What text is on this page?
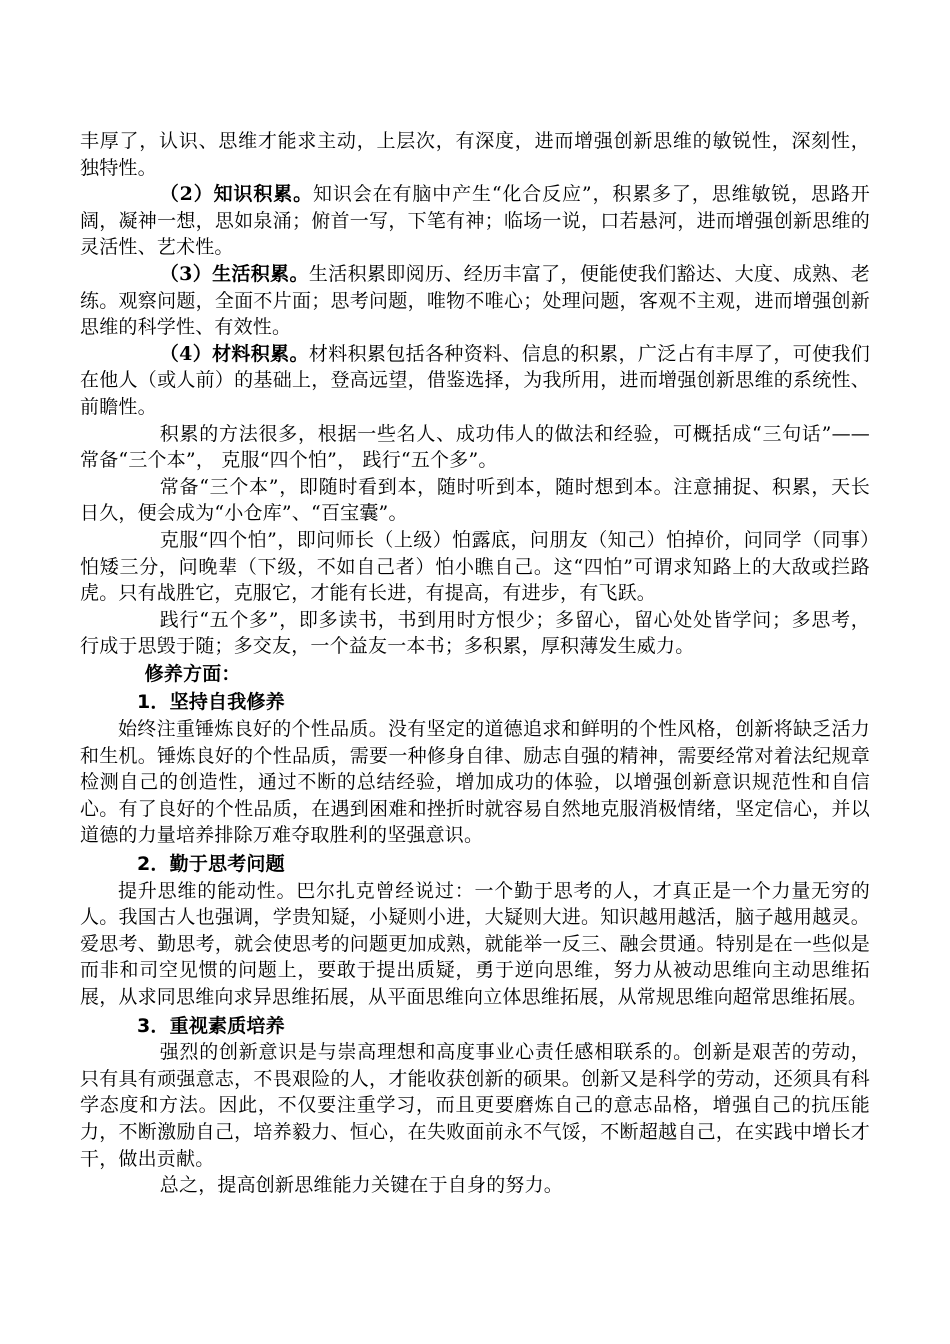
丰厚了，认识、思维才能求主动，上层次，有深度，进而增强创新思维的敏锐性，深刻性， 独特性。

（2）知识积累。知识会在有脑中产生“化合反应”，积累多了，思维敏锐，思路开阔，凝神一想，思如泉涌；俯首一写，下笔有神；临场一说，口若悬河，进而增强创新思维的灵活性、艺术性。

（3）生活积累。生活积累即阅历、经历丰富了，便能使我们豁达、大度、成熟、老练。观察问题，全面不片面；思考问题，唯物不唯心；处理问题，客观不主观，进而增强创新思维的科学性、有效性。

（4）材料积累。材料积累包括各种资料、信息的积累，广泛占有丰厚了，可使我们在他人（或人前）的基础上，登高远望，借鉴选择，为我所用，进而增强创新思维的系统性、前瞻性。

积累的方法很多，根据一些名人、成功伟人的做法和经验，可概括成“三句话”——常备“三个本”， 克服“四个怕”， 践行“五个多”。

常备“三个本”，即随时看到本，随时听到本，随时想到本。注意捕捉、积累，天长日久，便会成为“小仓库”、“百宝囊”。

克服“四个怕”，即问师长（上级）怕露底，问朋友（知己）怕掉价，问同学（同事）怕矮三分，问晚辈（下级，不如自己者）怕小瞧自己。这“四怕”可谓求知路上的大敌或拦路虎。只有战胜它，克服它，才能有长进，有提高，有进步，有飞跃。

践行“五个多”，即多读书，书到用时方恨少；多留心，留心处处皆学问；多思考，行成于思毁于随；多交友，一个益友一本书；多积累，厚积薄发生威力。

修养方面：

1．坚持自我修养

始终注重锤炼良好的个性品质。没有坚定的道德追求和鲜明的个性风格，创新将缺乏活力和生机。锤炼良好的个性品质，需要一种修身自律、励志自强的精神，需要经常对着法纪规章检测自己的创造性，通过不断的总结经验，增加成功的体验，以增强创新意识规范性和自信心。有了良好的个性品质，在遇到困难和挫折时就容易自然地克服消极情绪，坚定信心，并以道德的力量培养排除万难夺取胜利的坚强意识。

2．勤于思考问题

提升思维的能动性。巴尔扎克曾经说过：一个勤于思考的人，才真正是一个力量无穷的人。我国古人也强调，学贵知疑，小疑则小进，大疑则大进。知识越用越活，脑子越用越灵。爱思考、勤思考，就会使思考的问题更加成熟，就能举一反三、融会贯通。特别是在一些似是而非和司空见惯的问题上，要敢于提出质疑，勇于逆向思维，努力从被动思维向主动思维拓展，从求同思维向求异思维拓展，从平面思维向立体思维拓展，从常规思维向超常思维拓展。

3．重视素质培养

强烈的创新意识是与崇高理想和高度事业心责任感相联系的。创新是艰苦的劳动，只有具有顽强意志，不畏艰险的人，才能收获创新的硕果。创新又是科学的劳动，还须具有科学态度和方法。因此，不仅要注重学习，而且更要磨炼自己的意志品格，增强自己的抗压能力，不断激励自己，培养毅力、恒心，在失败面前永不气馁，不断超越自己，在实践中增长才干，做出贡献。

总之，提高创新思维能力关键在于自身的努力。
